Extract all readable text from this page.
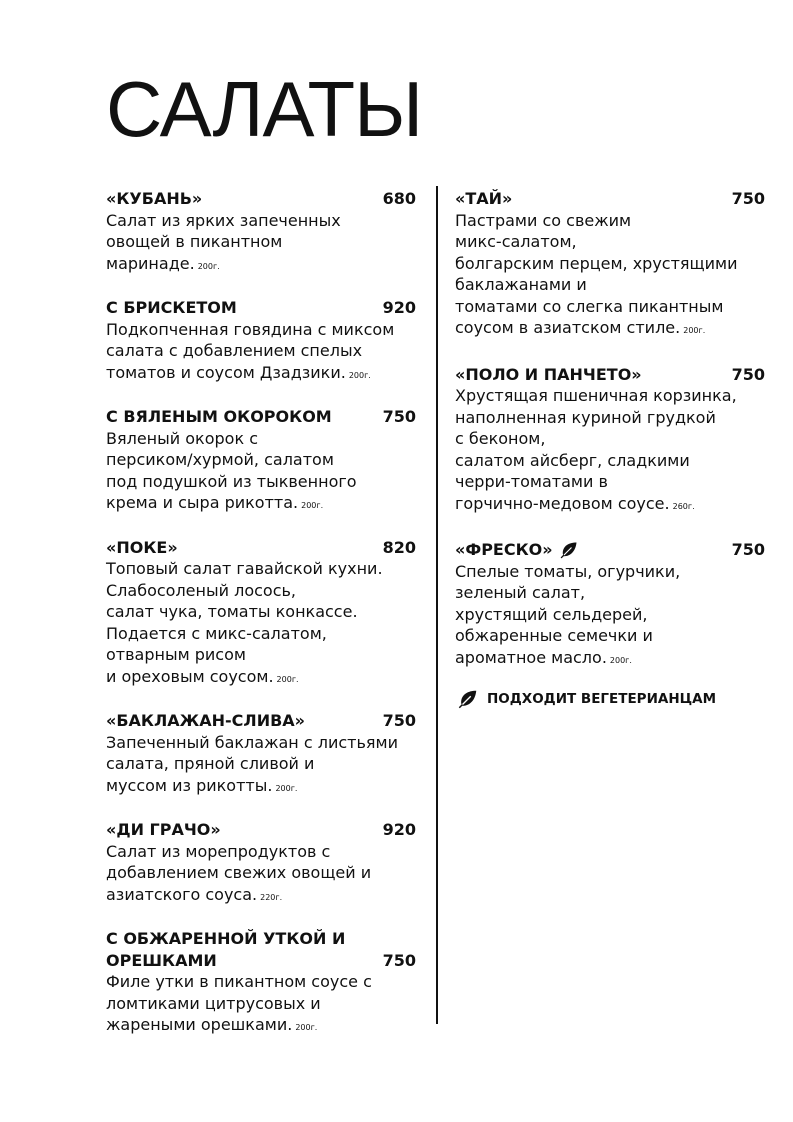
САЛАТЫ
«КУБАНЬ»	680
Салат из ярких запеченных
овощей в пикантном
маринаде. 200г.
С БРИСКЕТОМ	920
Подкопченная говядина с миксом
салата с добавлением спелых
томатов и соусом Дзадзики. 200г.
С ВЯЛЕНЫМ ОКОРОКОМ	750
Вяленый окорок с
персиком/хурмой, салатом
под подушкой из тыквенного
крема и сыра рикотта. 200г.
«ПОКЕ»	820
Топовый салат гавайской кухни.
Слабосоленый лосось,
салат чука, томаты конкассе.
Подается с микс-салатом,
отварным рисом
и ореховым соусом. 200г.
«БАКЛАЖАН-СЛИВА»	750
Запеченный баклажан с листьями
салата, пряной сливой и
муссом из рикотты. 200г.
«ДИ ГРАЧО»	920
Салат из морепродуктов с
добавлением свежих овощей и
азиатского соуса. 220г.
С ОБЖАРЕННОЙ УТКОЙ И ОРЕШКАМИ	750
Филе утки в пикантном соусе с
ломтиками цитрусовых и
жареными орешками. 200г.
«ТАЙ»	750
Пастрами со свежим
микс-салатом,
болгарским перцем, хрустящими
баклажанами и
томатами со слегка пикантным
соусом в азиатском стиле. 200г.
«ПОЛО И ПАНЧЕТО»	750
Хрустящая пшеничная корзинка,
наполненная куриной грудкой
с беконом,
салатом айсберг, сладкими
черри-томатами в
горчично-медовом соусе. 260г.
«ФРЕСКО»	750
Спелые томаты, огурчики,
зеленый салат,
хрустящий сельдерей,
обжаренные семечки и
ароматное масло. 200г.
ПОДХОДИТ ВЕГЕТЕРИАНЦАМ
